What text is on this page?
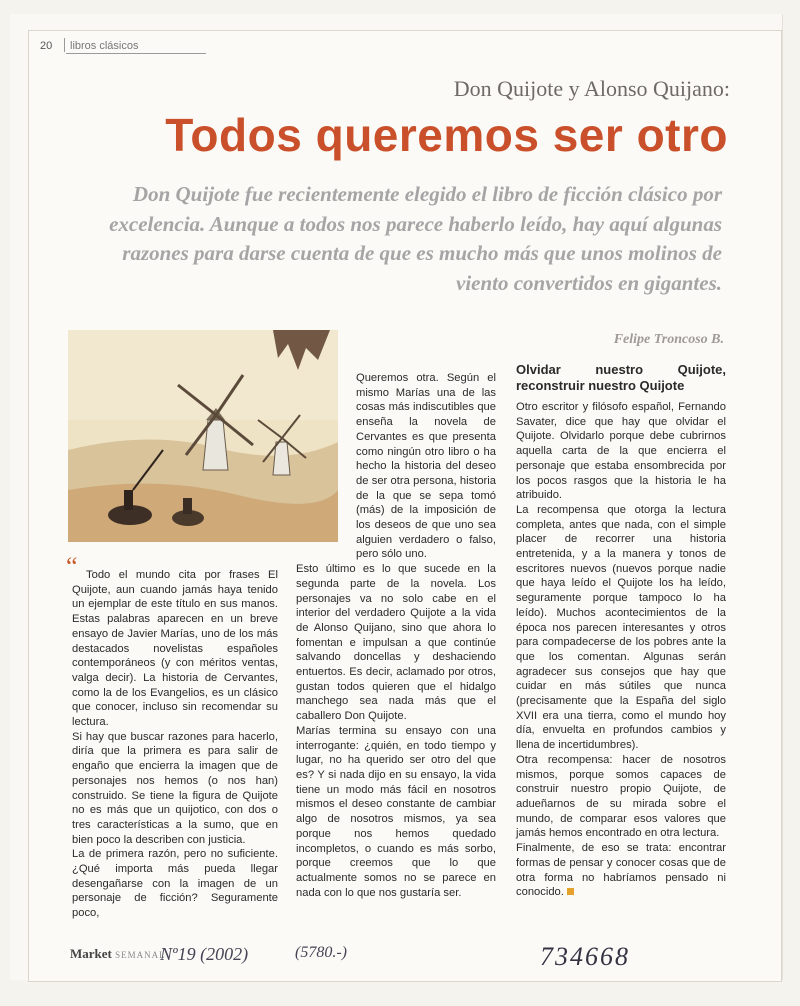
20 libros clásicos
Don Quijote y Alonso Quijano:
Todos queremos ser otro
Don Quijote fue recientemente elegido el libro de ficción clásico por excelencia. Aunque a todos nos parece haberlo leído, hay aquí algunas razones para darse cuenta de que es mucho más que unos molinos de viento convertidos en gigantes.
Felipe Troncoso B.
“ Todo el mundo cita por frases El Quijote, aun cuando jamás haya tenido un ejemplar de este título en sus manos. Estas palabras aparecen en un breve ensayo de Javier Marías, uno de los más destacados novelistas españoles contemporáneos (y con méritos ventas, valga decir). La historia de Cervantes, como la de los Evangelios, es un clásico que conocer, incluso sin recomendar su lectura.

Si hay que buscar razones para hacerlo, diría que la primera es para salir de engaño que encierra la imagen que de personajes nos hemos (o nos han) construido. Se tiene la figura de Quijote no es más que un quijotico, con dos o tres características a la sumo, que en bien poco la describen con justicia.

La de primera razón, pero no suficiente. ¿Qué importa más pueda llegar desengañarse con la imagen de un personaje de ficción? Seguramente poco,

Queremos otra. Según el mismo Marías una de las cosas más indiscutibles que enseña la novela de Cervantes es que presenta como ningún otro libro o ha hecho la historia del deseo de ser otra persona, historia de la que se sepa tomó (más) de la imposición de los deseos de que uno sea alguien verdadero o falso, pero sólo uno.

Esto último es lo que sucede en la segunda parte de la novela. Los personajes va no solo cabe en el interior del verdadero Quijote a la vida de Alonso Quijano, sino que ahora lo fomentan e impulsan a que continúe salvando doncellas y deshaciendo entuertos. Es decir, aclamado por otros, gustan todos quieren que el hidalgo manchego sea nada más que el caballero Don Quijote.

Marías termina su ensayo con una interrogante: ¿quién, en todo tiempo y lugar, no ha querido ser otro del que es? Y si nada dijo en su ensayo, la vida tiene un modo más fácil en nosotros mismos el deseo constante de cambiar algo de nosotros mismos, ya sea porque nos hemos quedado incompletos, o cuando es más sorbo, porque creemos que lo que actualmente somos no se parece en nada con lo que nos gustaría ser.

Olvidar nuestro Quijote, reconstruir nuestro Quijote

Otro escritor y filósofo español, Fernando Savater, dice que hay que olvidar el Quijote. Olvidarlo porque debe cubrirnos aquella carta de la que encierra el personaje que estaba ensombrecida por los pocos rasgos que la historia le ha atribuido.

La recompensa que otorga la lectura completa, antes que nada, con el simple placer de recorrer una historia entretenida, y a la manera y tonos de escritores nuevos (nuevos porque nadie que haya leído el Quijote los ha leído, seguramente porque tampoco lo ha leído). Muchos acontecimientos de la época nos parecen interesantes y otros para compadecerse de los pobres ante la que los comentan. Algunas serán agradecer sus consejos que hay que cuidar en más sútiles que nunca (precisamente que la España del siglo XVII era una tierra, como el mundo hoy día, envuelta en profundos cambios y llena de incertidumbres).

Otra recompensa: hacer de nosotros mismos, porque somos capaces de construir nuestro propio Quijote, de adueñarnos de su mirada sobre el mundo, de comparar esos valores que jamás hemos encontrado en otra lectura.

Finalmente, de eso se trata: encontrar formas de pensar y conocer cosas que de otra forma no habríamos pensado ni conocido.

Market SEMANAL
Nº19 (2002)	(5780.-)	734668
